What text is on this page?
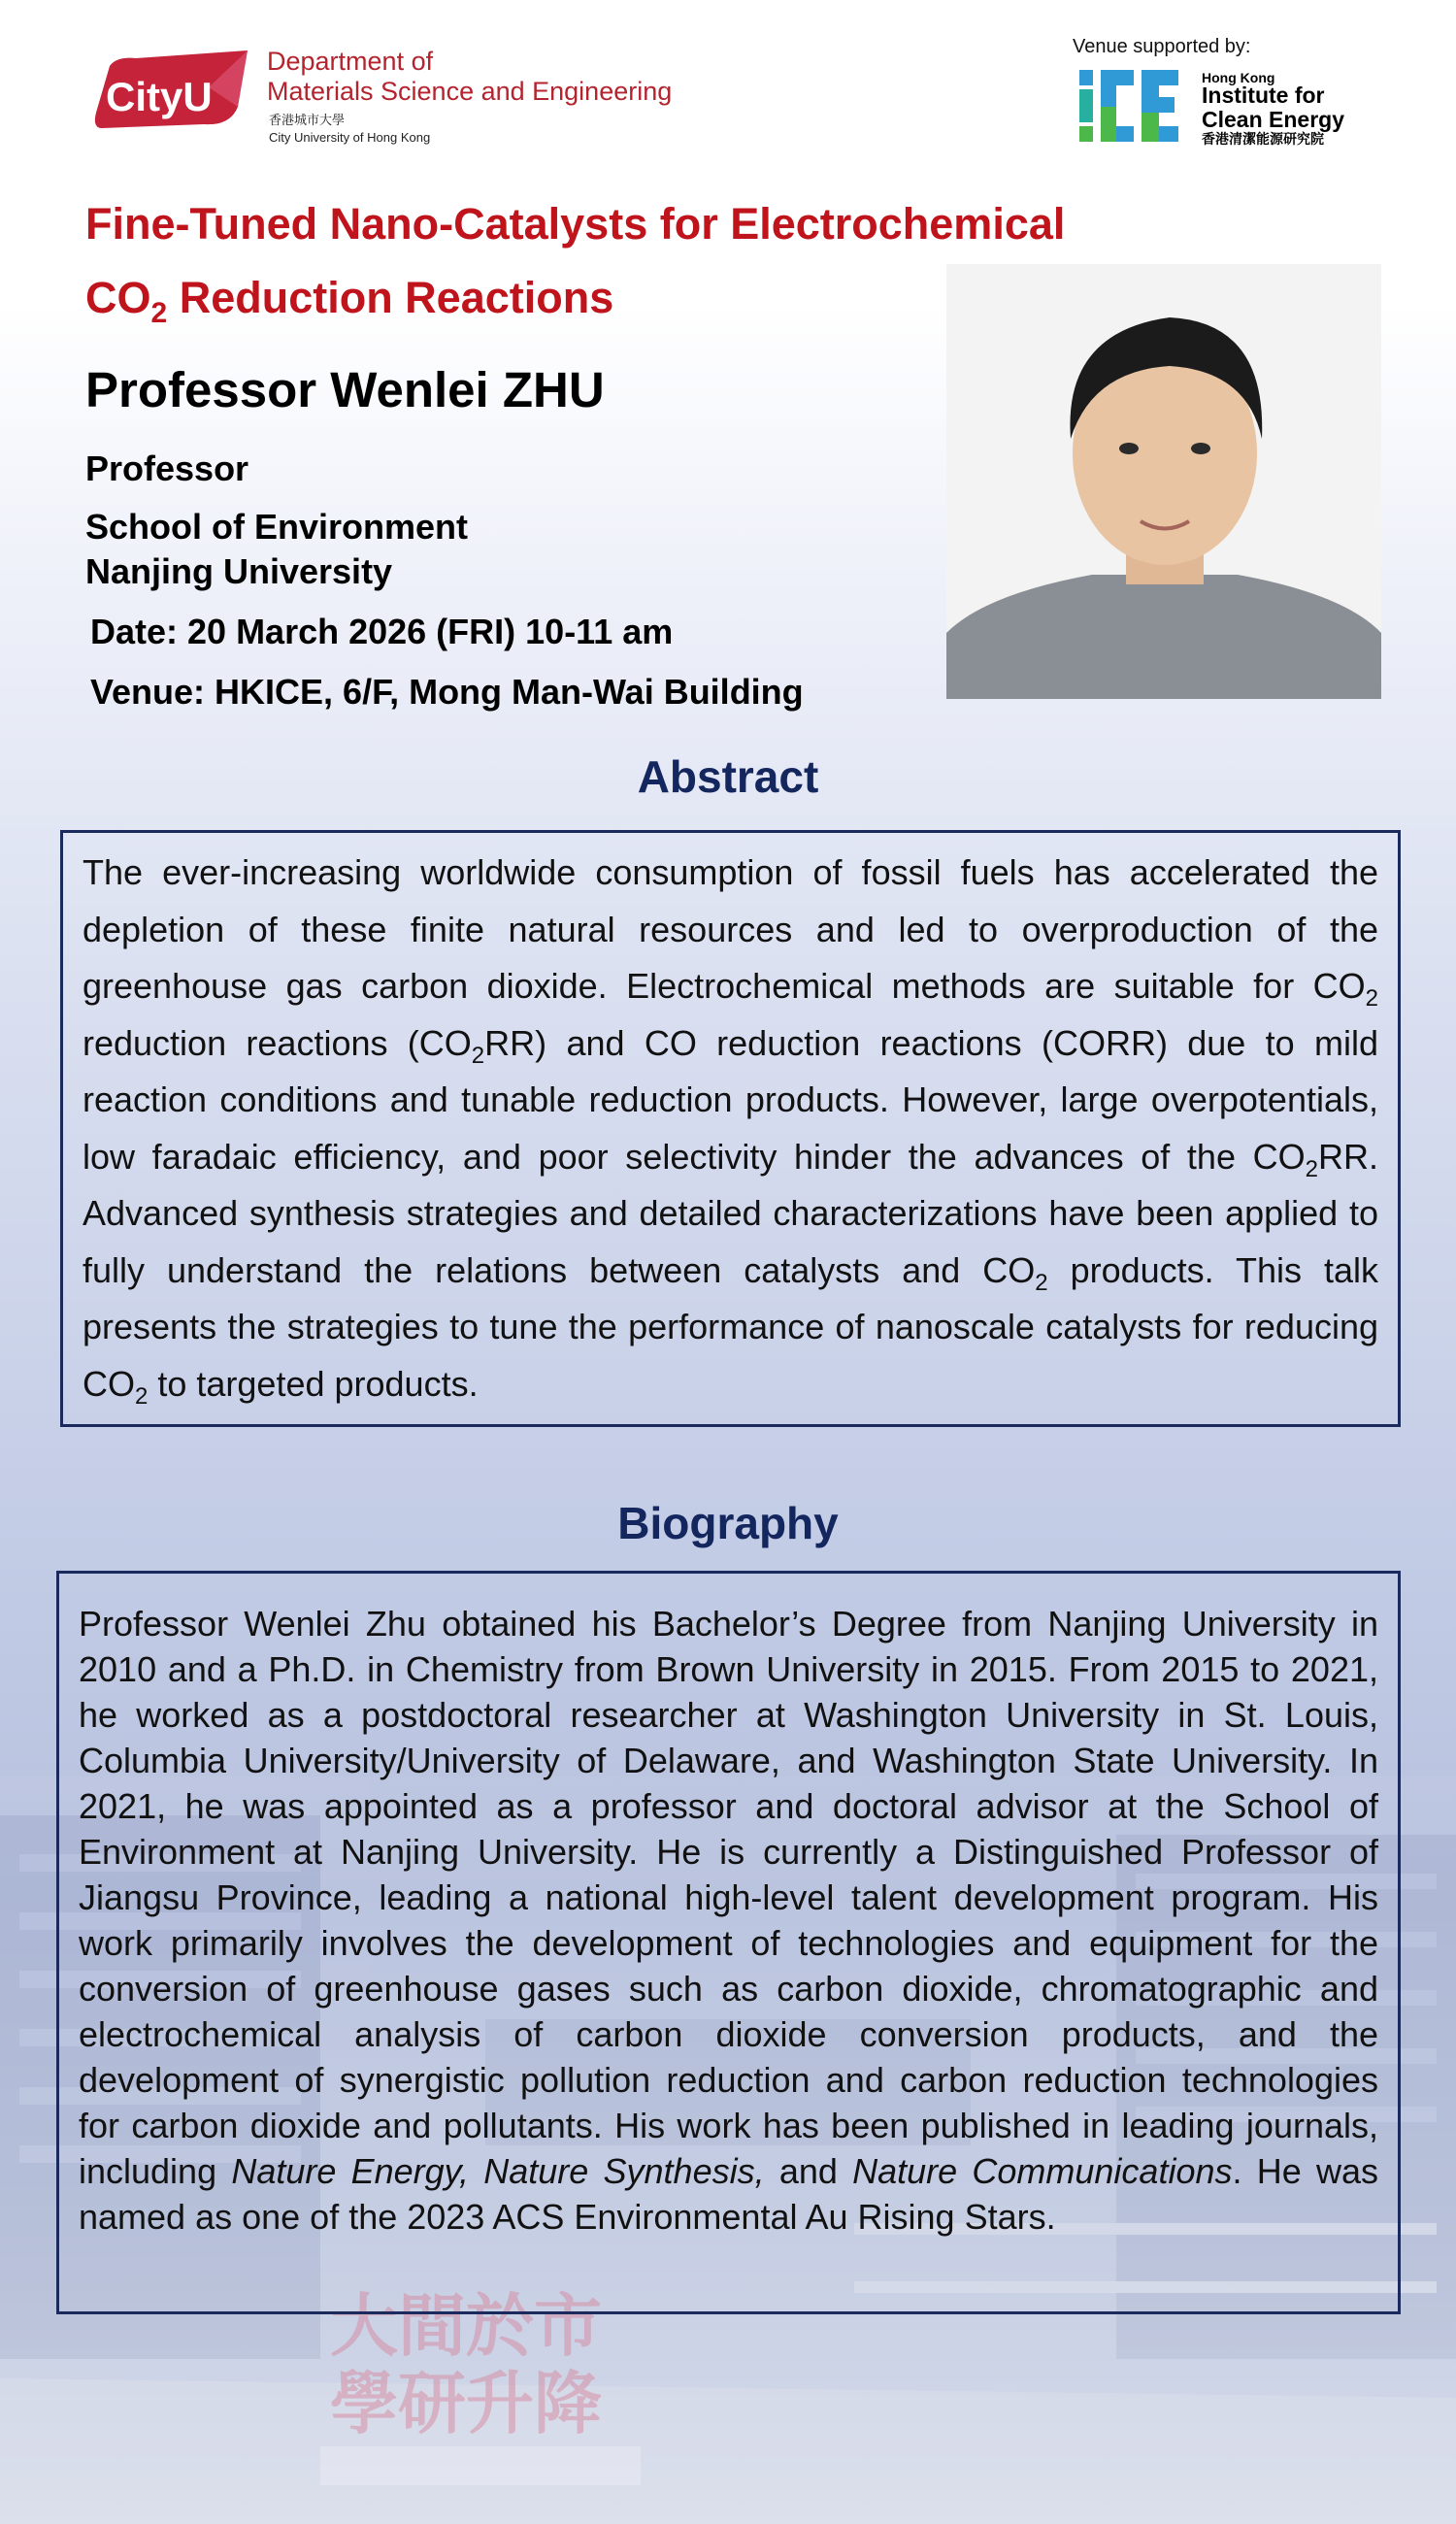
大間於市
學研升降
CityU
Department of
Materials Science and Engineering
香港城市大學
City University of Hong Kong
Venue supported by:
ICE
Hong Kong
Institute for
Clean Energy
香港清潔能源研究院
Fine-Tuned Nano-Catalysts for Electrochemical
$CO_2$ Reduction Reactions
Professor Wenlei ZHU
Professor
School of Environment
Nanjing University
Date: 20 March 2026 (FRI) 10-11 am
Venue: HKICE, 6/F, Mong Man-Wai Building
Abstract
The ever-increasing worldwide consumption of fossil fuels has accelerated the depletion of these finite natural resources and led to overproduction of the greenhouse gas carbon dioxide. Electrochemical methods are suitable for $CO_2$ reduction reactions $(CO_2RR)$ and CO reduction reactions (CORR) due to mild reaction conditions and tunable reduction products. However, large overpotentials, low faradaic efficiency, and poor selectivity hinder the advances of the $CO_2RR$. Advanced synthesis strategies and detailed characterizations have been applied to fully understand the relations between catalysts and $CO_2$ products. This talk presents the strategies to tune the performance of nanoscale catalysts for reducing $CO_2$ to targeted products.
Biography
Professor Wenlei Zhu obtained his Bachelor’s Degree from Nanjing University in 2010 and a Ph.D. in Chemistry from Brown University in 2015. From 2015 to 2021, he worked as a postdoctoral researcher at Washington University in St. Louis, Columbia University/University of Delaware, and Washington State University. In 2021, he was appointed as a professor and doctoral advisor at the School of Environment at Nanjing University. He is currently a Distinguished Professor of Jiangsu Province, leading a national high-level talent development program. His work primarily involves the development of technologies and equipment for the conversion of greenhouse gases such as carbon dioxide, chromatographic and electrochemical analysis of carbon dioxide conversion products, and the development of synergistic pollution reduction and carbon reduction technologies for carbon dioxide and pollutants. His work has been published in leading journals, including Nature Energy, Nature Synthesis, and Nature Communications. He was named as one of the 2023 ACS Environmental Au Rising Stars.
